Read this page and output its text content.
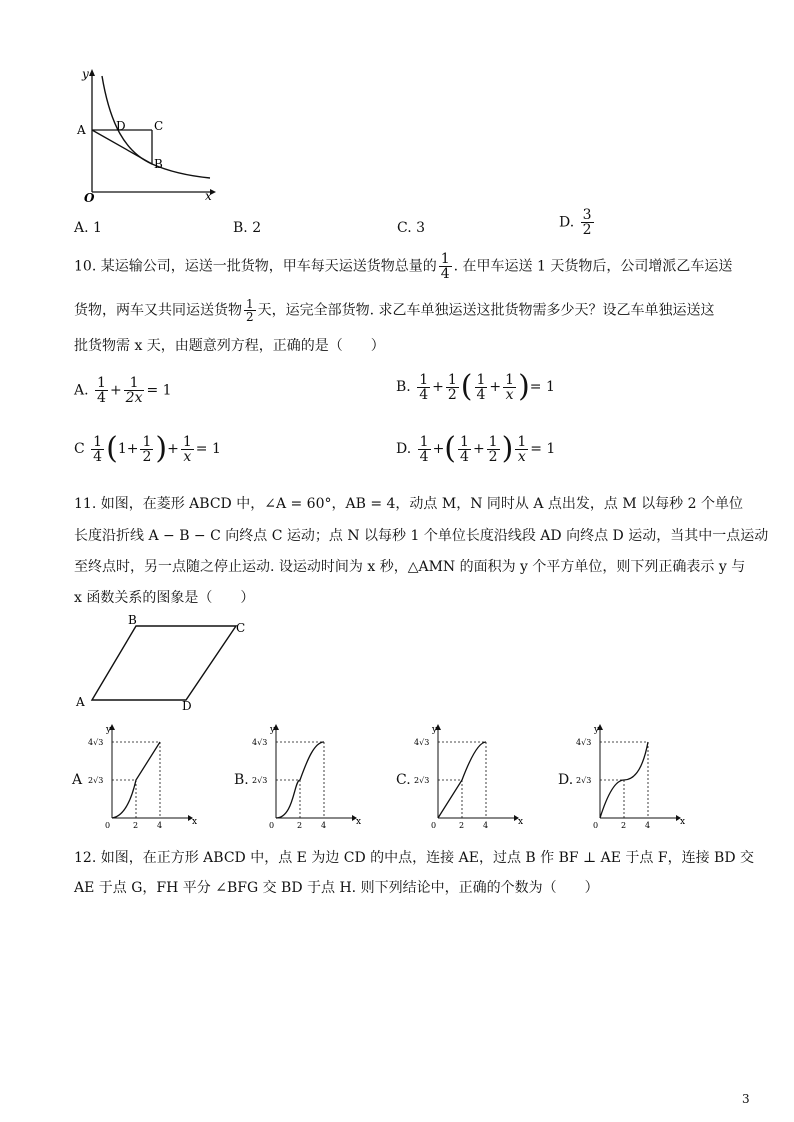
y
x
O
A	D C
B
A. 1	B. 2	C. 3	D. $\frac{3}{2}$
10. 某运输公司，运送一批货物，甲车每天运送货物总量的 $\frac{1}{4}$ . 在甲车运送 1 天货物后，公司增派乙车运送
货物，两车又共同运送货物 $\frac{1}{2}$ 天，运完全部货物. 求乙车单独运送这批货物需多少天？设乙车单独运送这
批货物需 x 天，由题意列方程，正确的是（　　）
A. $\frac{1}{4} + \frac{1}{2x} = 1$	B. $\frac{1}{4} + \frac{1}{2}$ ( $\frac{1}{4} + \frac{1}{x}$ )= 1
C $\frac{1}{4} (1+ \frac{1}{2}$ )+ $\frac{1}{x} = 1$	D. $\frac{1}{4}$ +( $\frac{1}{4} + \frac{1}{2}$ ) $\frac{1}{x} = 1$
11. 如图，在菱形 ABCD 中，∠A = 60°，AB = 4，动点 M，N 同时从 A 点出发，点 M 以每秒 2 个单位
长度沿折线 A − B − C 向终点 C 运动；点 N 以每秒 1 个单位长度沿线段 AD 向终点 D 运动，当其中一点运动
至终点时，另一点随之停止运动. 设运动时间为 x 秒，△AMN 的面积为 y 个平方单位，则下列正确表示 y 与
x 函数关系的图象是（　　）
A
B
C
D
A	B.	C.	D.
y
x
0	2 4
4√3
2√3
y
x
0	2 4
4√3
2√3
y
x
0	2 4
4√3
2√3
y
x
0	2 4
4√3
2√3
12. 如图，在正方形 ABCD 中，点 E 为边 CD 的中点，连接 AE，过点 B 作 BF ⊥ AE 于点 F，连接 BD 交
AE 于点 G，FH 平分 ∠BFG 交 BD 于点 H. 则下列结论中，正确的个数为（　　）
3
